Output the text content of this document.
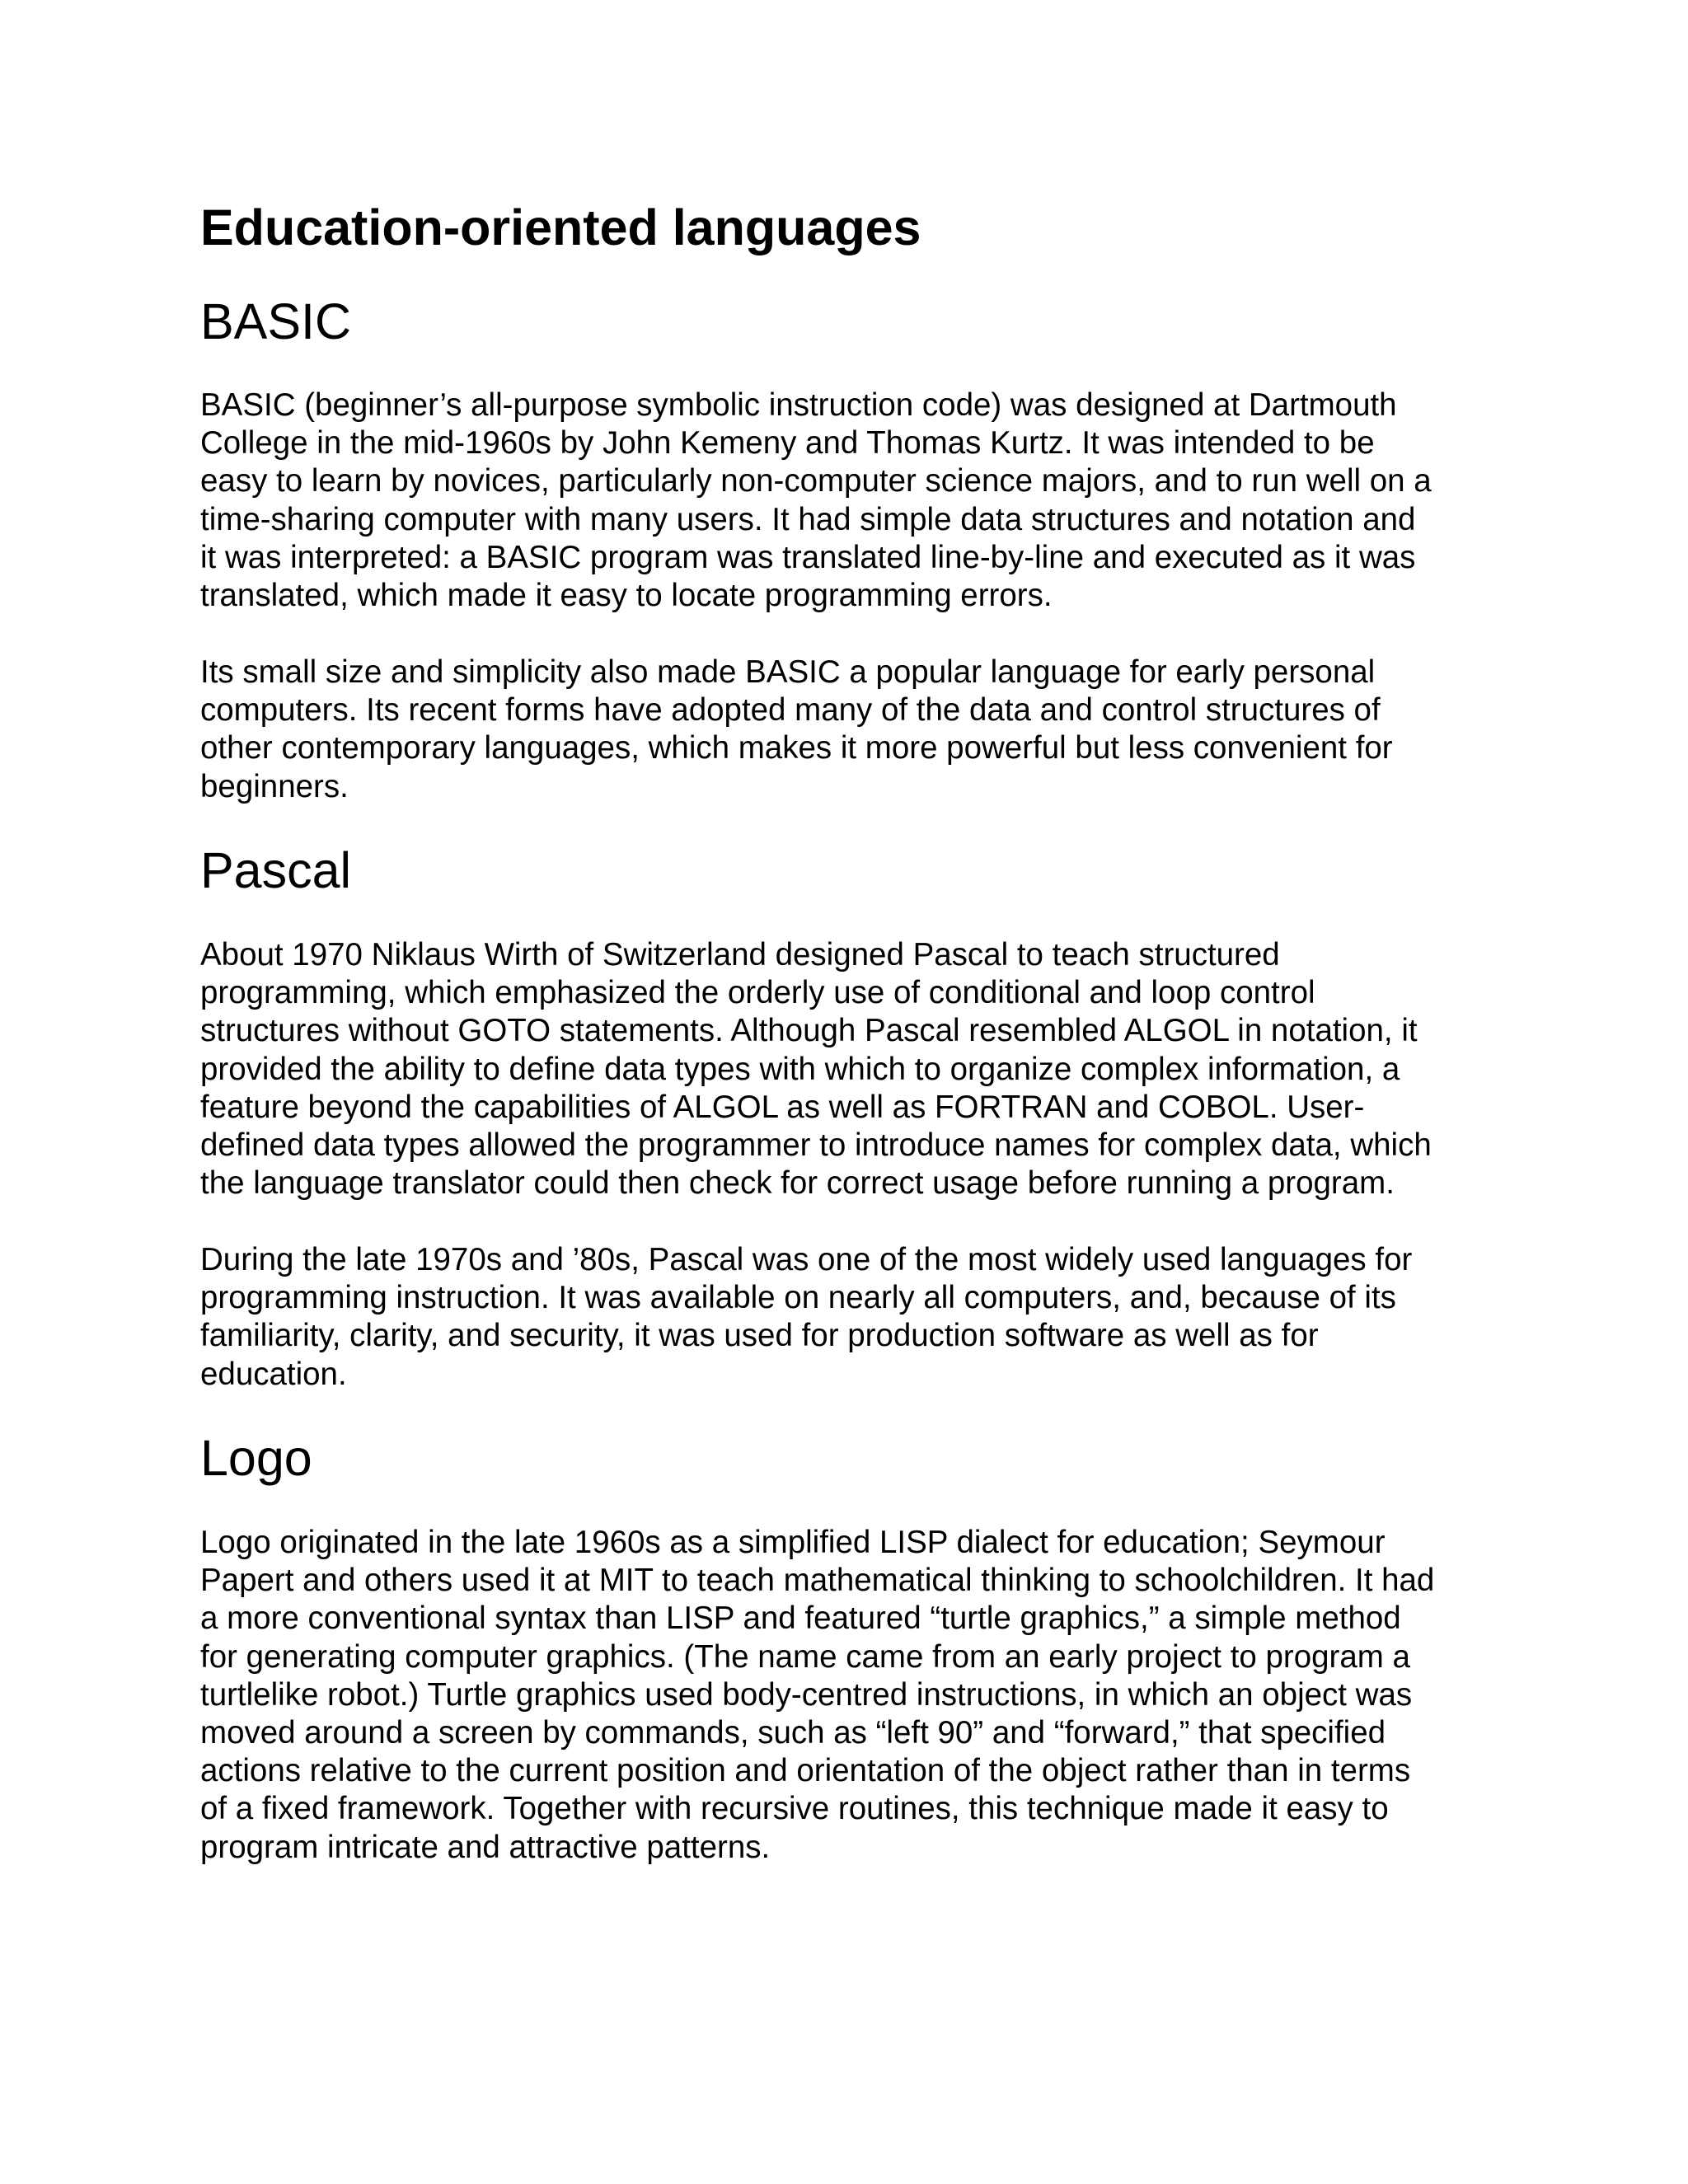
Education-oriented languages
BASIC

BASIC (beginner’s all-purpose symbolic instruction code) was designed at Dartmouth
College in the mid-1960s by John Kemeny and Thomas Kurtz. It was intended to be
easy to learn by novices, particularly non-computer science majors, and to run well on a
time-sharing computer with many users. It had simple data structures and notation and
it was interpreted: a BASIC program was translated line-by-line and executed as it was
translated, which made it easy to locate programming errors.

Its small size and simplicity also made BASIC a popular language for early personal
computers. Its recent forms have adopted many of the data and control structures of
other contemporary languages, which makes it more powerful but less convenient for
beginners.

Pascal

About 1970 Niklaus Wirth of Switzerland designed Pascal to teach structured
programming, which emphasized the orderly use of conditional and loop control
structures without GOTO statements. Although Pascal resembled ALGOL in notation, it
provided the ability to define data types with which to organize complex information, a
feature beyond the capabilities of ALGOL as well as FORTRAN and COBOL. User-
defined data types allowed the programmer to introduce names for complex data, which
the language translator could then check for correct usage before running a program.

During the late 1970s and ’80s, Pascal was one of the most widely used languages for
programming instruction. It was available on nearly all computers, and, because of its
familiarity, clarity, and security, it was used for production software as well as for
education.

Logo

Logo originated in the late 1960s as a simplified LISP dialect for education; Seymour
Papert and others used it at MIT to teach mathematical thinking to schoolchildren. It had
a more conventional syntax than LISP and featured “turtle graphics,” a simple method
for generating computer graphics. (The name came from an early project to program a
turtlelike robot.) Turtle graphics used body-centred instructions, in which an object was
moved around a screen by commands, such as “left 90” and “forward,” that specified
actions relative to the current position and orientation of the object rather than in terms
of a fixed framework. Together with recursive routines, this technique made it easy to
program intricate and attractive patterns.
